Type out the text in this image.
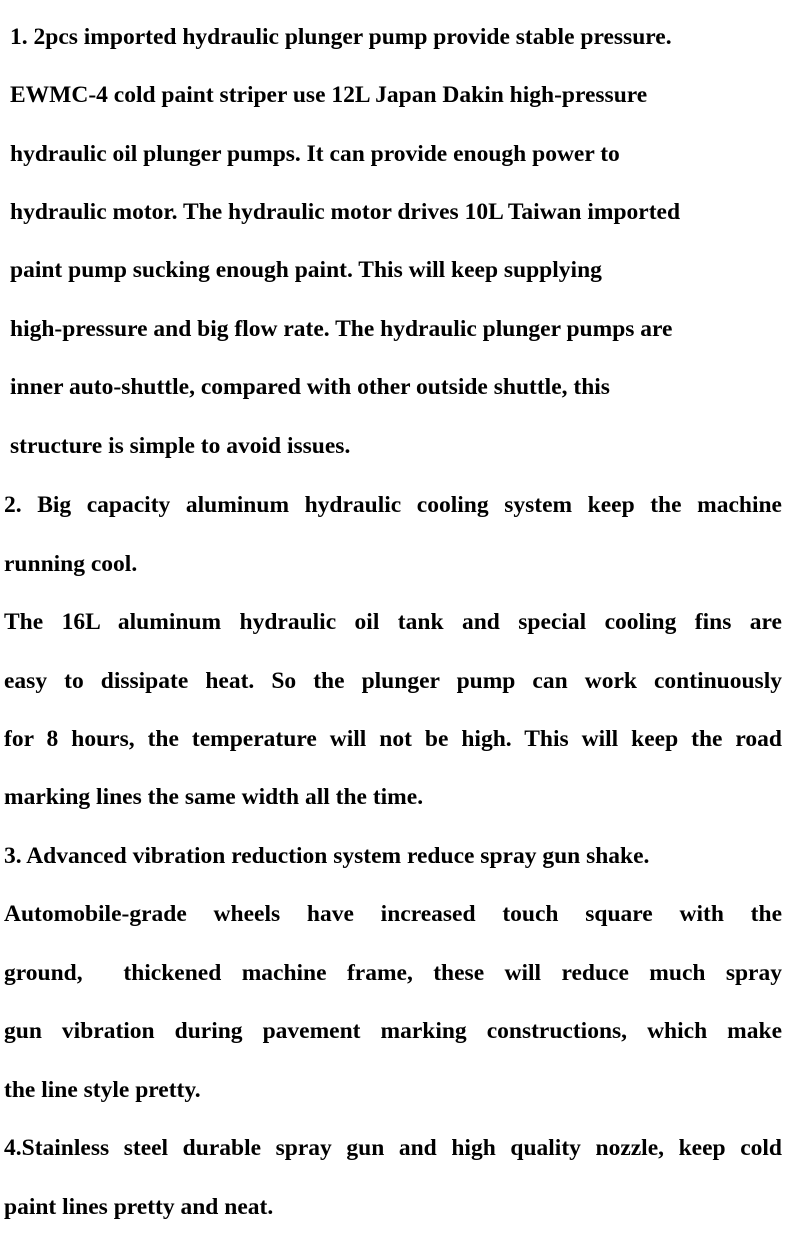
1. 2pcs imported hydraulic plunger pump provide stable pressure.

EWMC-4 cold paint striper use 12L Japan Dakin high-pressure

hydraulic oil plunger pumps. It can provide enough power to

hydraulic motor. The hydraulic motor drives 10L Taiwan imported

paint pump sucking enough paint. This will keep supplying

high-pressure and big flow rate. The hydraulic plunger pumps are

inner auto-shuttle, compared with other outside shuttle, this

structure is simple to avoid issues.

2. Big capacity aluminum hydraulic cooling system keep the machine

running cool.

The 16L aluminum hydraulic oil tank and special cooling fins are

easy to dissipate heat. So the plunger pump can work continuously

for 8 hours, the temperature will not be high. This will keep the road

marking lines the same width all the time.

3. Advanced vibration reduction system reduce spray gun shake.

Automobile-grade wheels have increased touch square with the

ground,  thickened machine frame, these will reduce much spray

gun vibration during pavement marking constructions, which make

the line style pretty.

4.Stainless steel durable spray gun and high quality nozzle, keep cold

paint lines pretty and neat.
